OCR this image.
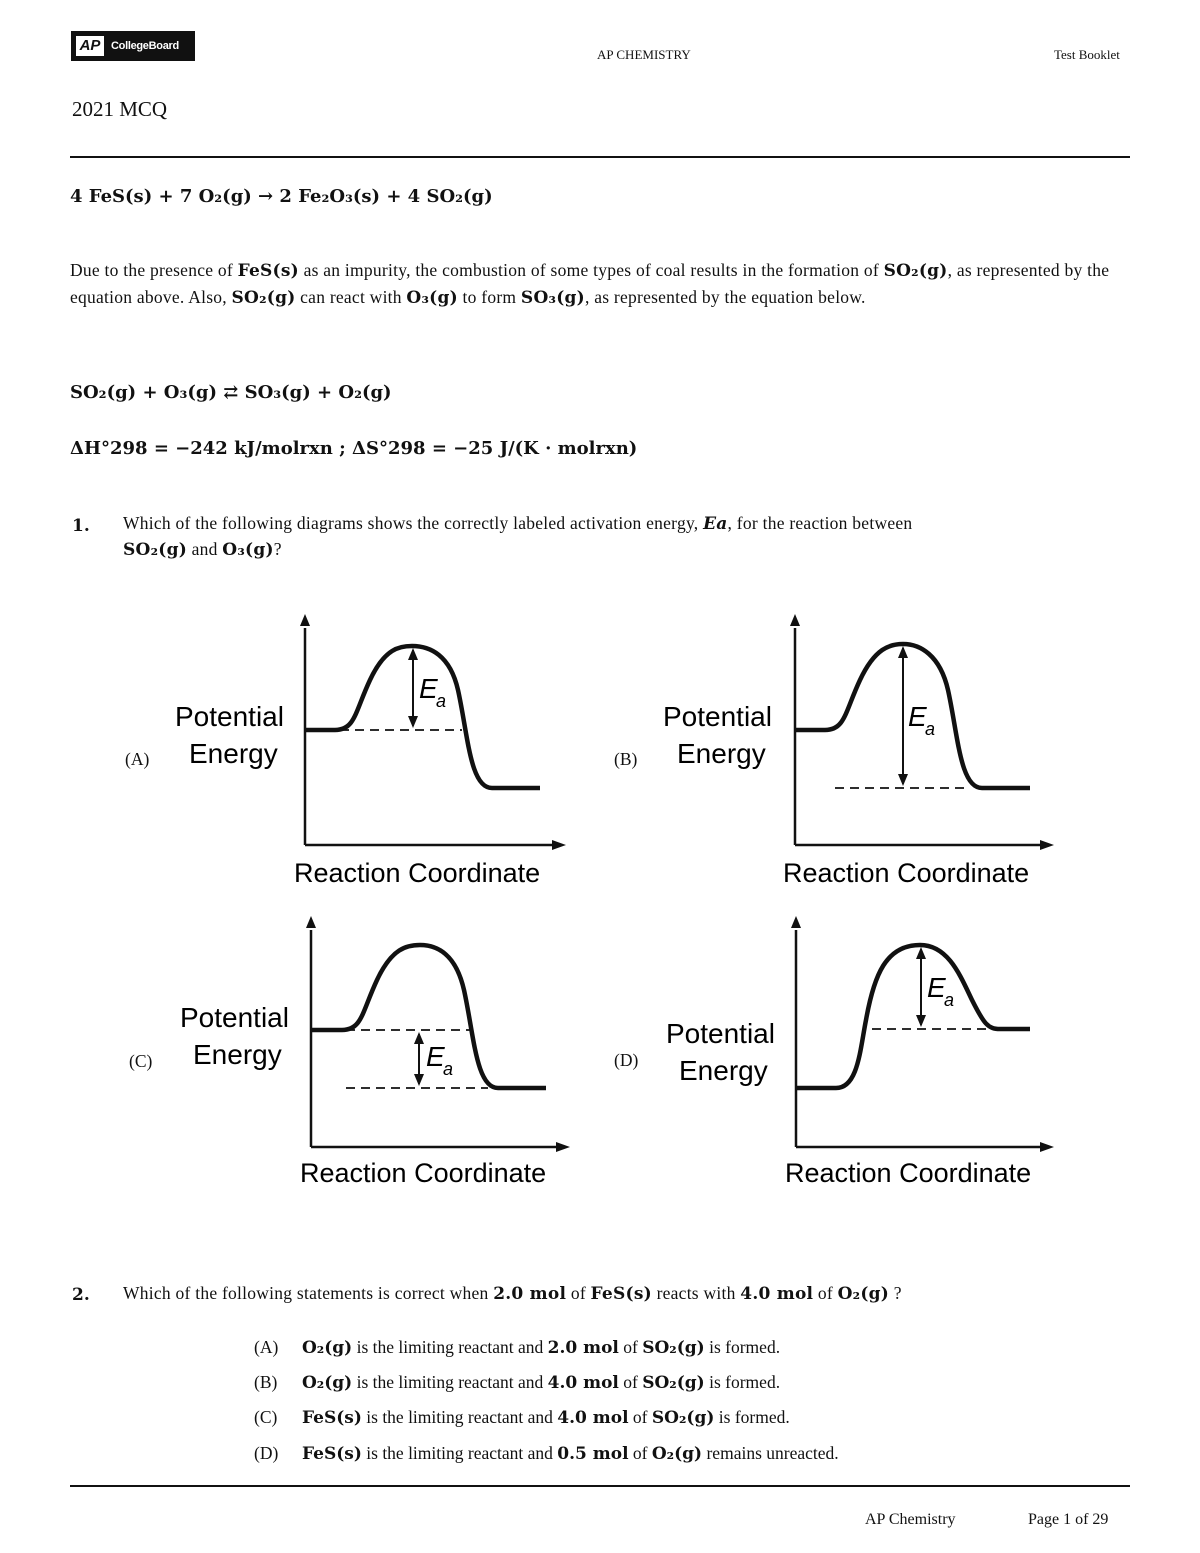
AP CollegeBoard
AP CHEMISTRY	Test Booklet
2021 MCQ
4 FeS(s) + 7 O₂(g) → 2 Fe₂O₃(s) + 4 SO₂(g)
Due to the presence of FeS(s) as an impurity, the combustion of some types of coal results in the formation of SO₂(g), as represented by the equation above. Also, SO₂(g) can react with O₃(g) to form SO₃(g), as represented by the equation below.
SO₂(g) + O₃(g) ⇄ SO₃(g) + O₂(g)
ΔH°298 = −242 kJ/molrxn ; ΔS°298 = −25 J/(K · molrxn)
1. Which of the following diagrams shows the correctly labeled activation energy, Ea, for the reaction between
SO₂(g) and O₃(g)?
(A)	(B)
(C)	(D)
E
a
Potential
Energy
Reaction Coordinate
E
a
Potential
Energy
Reaction Coordinate
E
a
Potential
Energy
Reaction Coordinate
E
a
Potential
Energy
Reaction Coordinate
2. Which of the following statements is correct when 2.0 mol of FeS(s) reacts with 4.0 mol of O₂(g) ?
(A) O₂(g) is the limiting reactant and 2.0 mol of SO₂(g) is formed.
(B) O₂(g) is the limiting reactant and 4.0 mol of SO₂(g) is formed.
(C) FeS(s) is the limiting reactant and 4.0 mol of SO₂(g) is formed.
(D) FeS(s) is the limiting reactant and 0.5 mol of O₂(g) remains unreacted.
AP Chemistry	Page 1 of 29
